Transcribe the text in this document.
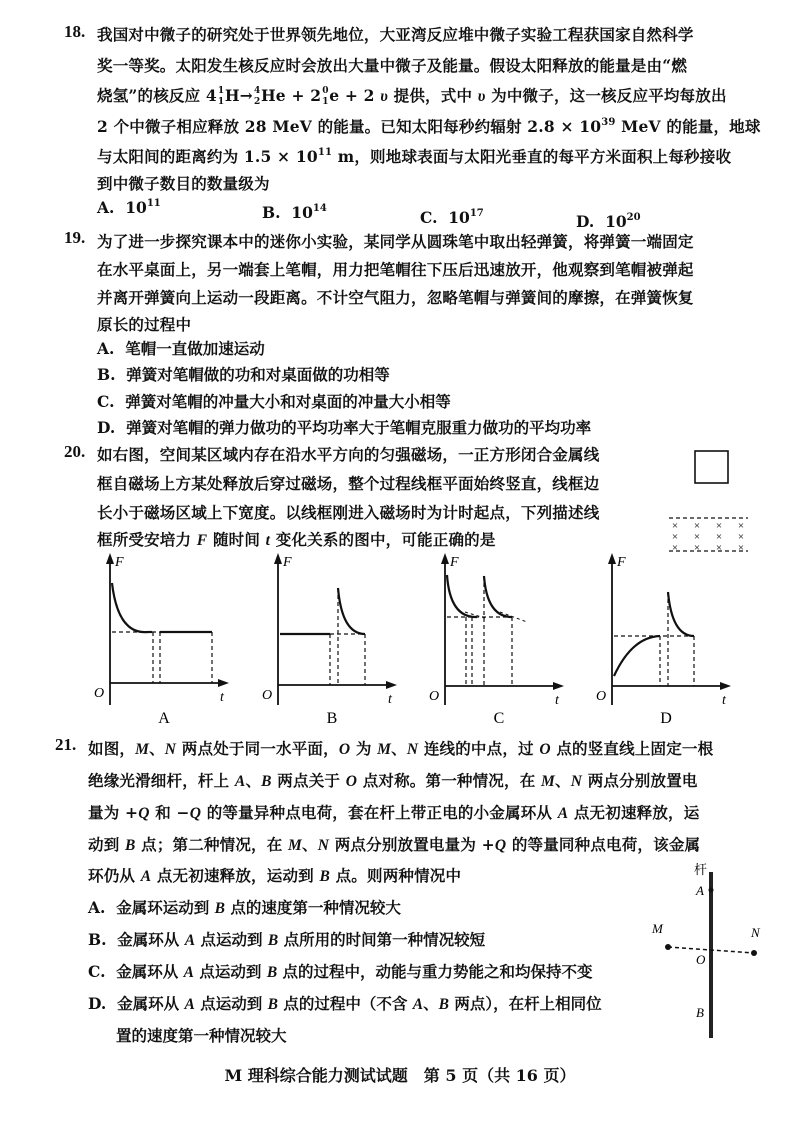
18. 我国对中微子的研究处于世界领先地位，大亚湾反应堆中微子实验工程获国家自然科学
奖一等奖。太阳发生核反应时会放出大量中微子及能量。假设太阳释放的能量是由“燃
烧氢”的核反应 4 1
1 H→ 4
2 He + 2 0
1 e + 2 υ 提供，式中 υ 为中微子，这一核反应平均每放出
2 个中微子相应释放 28 MeV 的能量。已知太阳每秒约辐射 $2.8 \times 10^{39}$ MeV 的能量，地球
与太阳间的距离约为 $1.5 \times 10^{11}$ m，则地球表面与太阳光垂直的每平方米面积上每秒接收
到中微子数目的数量级为
A. $10^{11}$	B. $10^{14}$	C. $10^{17}$	D. $10^{20}$
19. 为了进一步探究课本中的迷你小实验，某同学从圆珠笔中取出轻弹簧，将弹簧一端固定
在水平桌面上，另一端套上笔帽，用力把笔帽往下压后迅速放开，他观察到笔帽被弹起
并离开弹簧向上运动一段距离。不计空气阻力，忽略笔帽与弹簧间的摩擦，在弹簧恢复
原长的过程中
A. 笔帽一直做加速运动
B. 弹簧对笔帽做的功和对桌面做的功相等
C. 弹簧对笔帽的冲量大小和对桌面的冲量大小相等
D. 弹簧对笔帽的弹力做功的平均功率大于笔帽克服重力做功的平均功率
20. 如右图，空间某区域内存在沿水平方向的匀强磁场，一正方形闭合金属线
框自磁场上方某处释放后穿过磁场，整个过程线框平面始终竖直，线框边
长小于磁场区域上下宽度。以线框刚进入磁场时为计时起点，下列描述线
框所受安培力 F 随时间 t 变化关系的图中，可能正确的是
× × × ×
× × × ×
× × × ×
F
t
O
A
F
t
O
B
F
t
O
C
F
t
O
D
21. 如图，M、N 两点处于同一水平面，O 为 M、N 连线的中点，过 O 点的竖直线上固定一根
绝缘光滑细杆，杆上 A、B 两点关于 O 点对称。第一种情况，在 M、N 两点分别放置电
量为 +Q 和 −Q 的等量异种点电荷，套在杆上带正电的小金属环从 A 点无初速释放，运
动到 B 点；第二种情况，在 M、N 两点分别放置电量为 +Q 的等量同种点电荷，该金属
环仍从 A 点无初速释放，运动到 B 点。则两种情况中
A. 金属环运动到 B 点的速度第一种情况较大
B. 金属环从 A 点运动到 B 点所用的时间第一种情况较短
C. 金属环从 A 点运动到 B 点的过程中，动能与重力势能之和均保持不变
D. 金属环从 A 点运动到 B 点的过程中（不含 A、B 两点），在杆上相同位
置的速度第一种情况较大
杆
A
M	N
O
B
M 理科综合能力测试试题　第 5 页（共 16 页）
